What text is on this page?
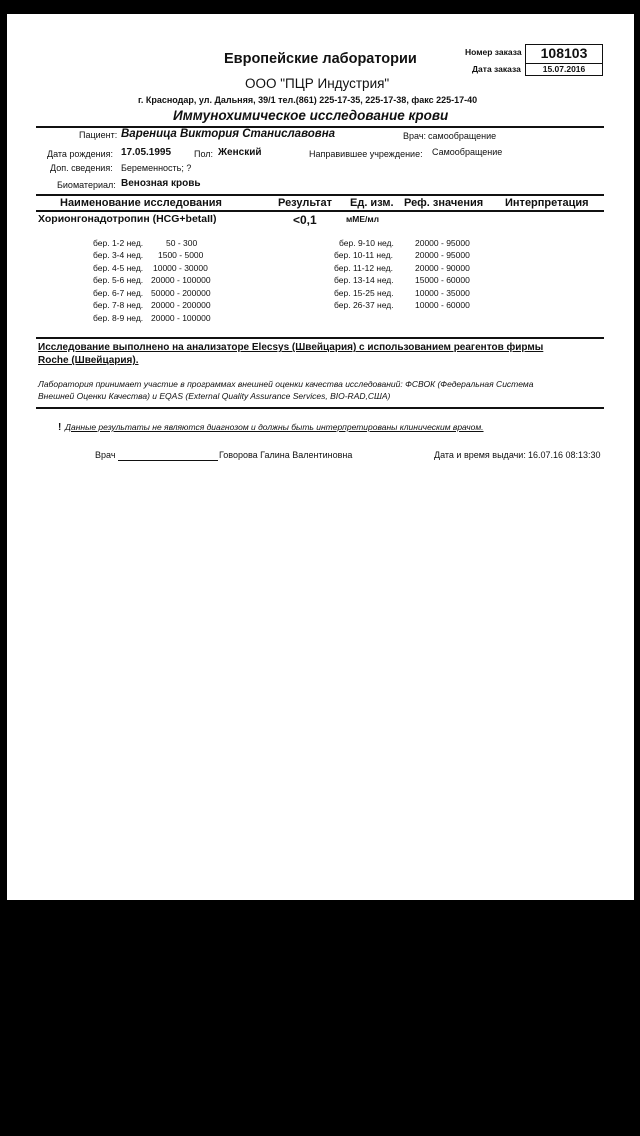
Европейские лаборатории
ООО "ПЦР Индустрия"
г. Краснодар, ул. Дальняя, 39/1 тел.(861) 225-17-35, 225-17-38, факс 225-17-40
Иммунохимическое исследование крови
Номер заказа	108103
Дата заказа	15.07.2016
Пациент: Вареница Виктория Станиславовна	Врач: самообращение
Дата рождения: 17.05.1995	Пол: Женский	Направившее учреждение: Самообращение
Доп. сведения: Беременность; ?
Биоматериал: Венозная кровь
Наименование исследования	Результат Ед. изм. Реф. значения Интерпретация
Хорионгонадотропин (HCG+betaII)	<0,1	мМЕ/мл
бер. 1-2 нед.	50 - 300
бер. 3-4 нед. 1500 - 5000
бер. 4-5 нед. 10000 - 30000
бер. 5-6 нед. 20000 - 100000
бер. 6-7 нед. 50000 - 200000
бер. 7-8 нед. 20000 - 200000
бер. 8-9 нед. 20000 - 100000
бер. 9-10 нед. 20000 - 95000
бер. 10-11 нед.	20000 - 95000
бер. 11-12 нед.	20000 - 90000
бер. 13-14 нед.	15000 - 60000
бер. 15-25 нед.	10000 - 35000
бер. 26-37 нед.	10000 - 60000
Исследование выполнено на анализаторе Elecsys (Швейцария) с использованием реагентов фирмы
Roche (Швейцария).
Лаборатория принимает участие в программах внешней оценки качества исследований: ФСВОК (Федеральная Система
Внешней Оценки Качества) и EQAS (External Quality Assurance Services, BIO-RAD,США)
! Данные результаты не являются диагнозом и должны быть интерпретированы клиническим врачом.
Врач	Говорова Галина Валентиновна	Дата и время выдачи: 16.07.16 08:13:30
